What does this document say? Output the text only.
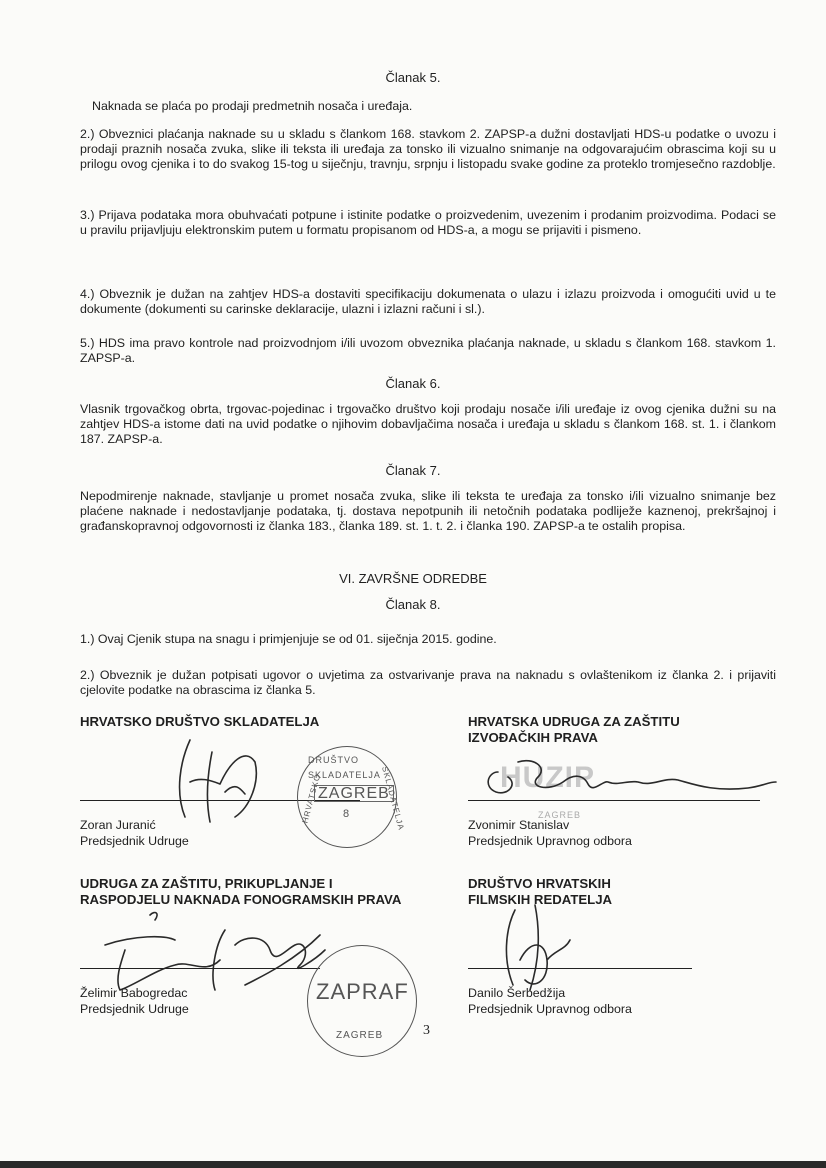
Članak 5.
Naknada se plaća po prodaji predmetnih nosača i uređaja.
2.) Obveznici plaćanja naknade su u skladu s člankom 168. stavkom 2. ZAPSP-a dužni dostavljati HDS-u podatke o uvozu i prodaji praznih nosača zvuka, slike ili teksta ili uređaja za tonsko ili vizualno snimanje na odgovarajućim obrascima koji su u prilogu ovog cjenika i to do svakog 15-tog u siječnju, travnju, srpnju i listopadu svake godine za proteklo tromjesečno razdoblje.
3.) Prijava podataka mora obuhvaćati potpune i istinite podatke o proizvedenim, uvezenim i prodanim proizvodima. Podaci se u pravilu prijavljuju elektronskim putem u formatu propisanom od HDS-a, a mogu se prijaviti i pismeno.
4.) Obveznik je dužan na zahtjev HDS-a dostaviti specifikaciju dokumenata o ulazu i izlazu proizvoda i omogućiti uvid u te dokumente (dokumenti su carinske deklaracije, ulazni i izlazni računi i sl.).
5.) HDS ima pravo kontrole nad proizvodnjom i/ili uvozom obveznika plaćanja naknade, u skladu s člankom 168. stavkom 1. ZAPSP-a.
Članak 6.
Vlasnik trgovačkog obrta, trgovac-pojedinac i trgovačko društvo koji prodaju nosače i/ili uređaje iz ovog cjenika dužni su na zahtjev HDS-a istome dati na uvid podatke o njihovim dobavljačima nosača i uređaja u skladu s člankom 168. st. 1. i člankom 187. ZAPSP-a.
Članak 7.
Nepodmirenje naknade, stavljanje u promet nosača zvuka, slike ili teksta te uređaja za tonsko i/ili vizualno snimanje bez plaćene naknade i nedostavljanje podataka, tj. dostava nepotpunih ili netočnih podataka podliježe kaznenoj, prekršajnoj i građanskopravnoj odgovornosti iz članka 183., članka 189. st. 1. t. 2. i članka 190. ZAPSP-a te ostalih propisa.
VI. ZAVRŠNE ODREDBE
Članak 8.
1.) Ovaj Cjenik stupa na snagu i primjenjuje se od 01. siječnja 2015. godine.
2.) Obveznik je dužan potpisati ugovor o uvjetima za ostvarivanje prava na naknadu s ovlaštenikom iz članka 2. i prijaviti cjelovite podatke na obrascima iz članka 5.
HRVATSKO DRUŠTVO SKLADATELJA
Zoran Juranić
Predsjednik Udruge
DRUŠTVO SKLADATELJA
ZAGREB
8
HRVATSKO	SKLADATELJA
HRVATSKA UDRUGA ZA ZAŠTITU
IZVOĐAČKIH PRAVA
HUZIP
ZAGREB
Zvonimir Stanislav
Predsjednik Upravnog odbora
UDRUGA ZA ZAŠTITU, PRIKUPLJANJE I
RASPODJELU NAKNADA FONOGRAMSKIH PRAVA
Želimir Babogredac
Predsjednik Udruge
ZAPRAF
ZAGREB
DRUŠTVO HRVATSKIH
FILMSKIH REDATELJA
Danilo Šerbedžija
Predsjednik Upravnog odbora
3
